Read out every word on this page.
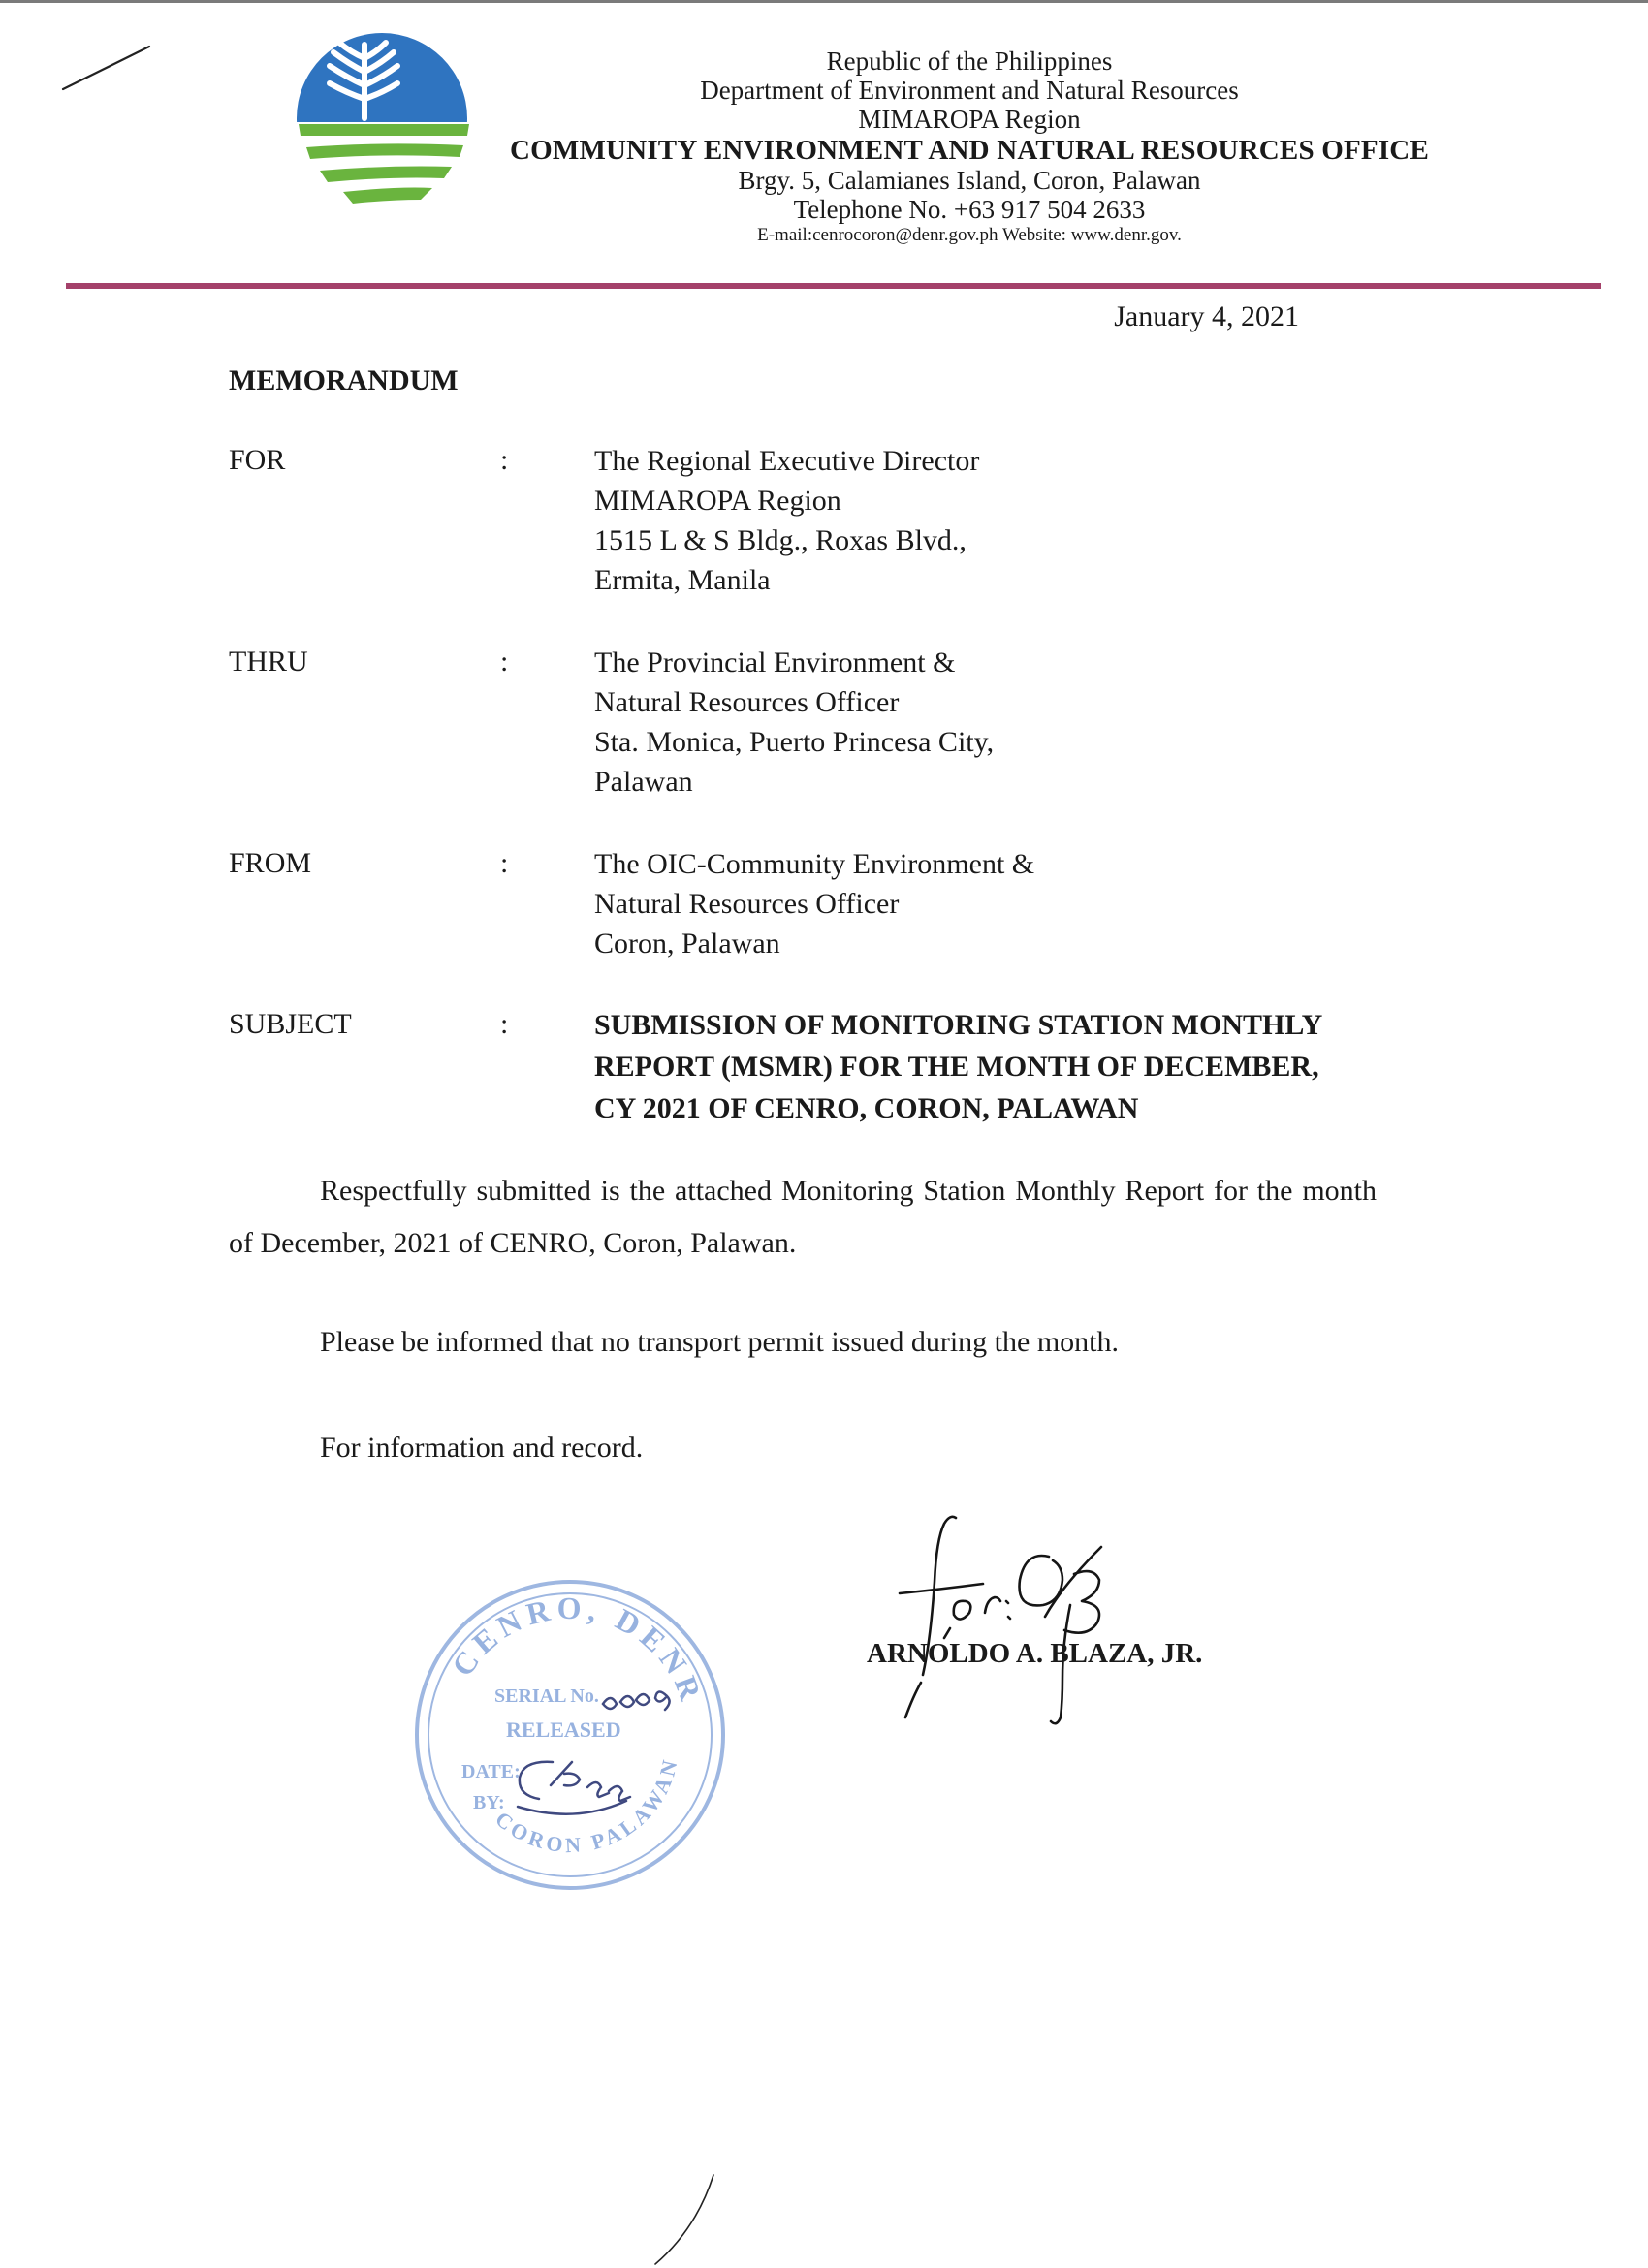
Republic of the Philippines
Department of Environment and Natural Resources
MIMAROPA Region
COMMUNITY ENVIRONMENT AND NATURAL RESOURCES OFFICE
Brgy. 5, Calamianes Island, Coron, Palawan
Telephone No. +63 917 504 2633
E-mail:cenrocoron@denr.gov.ph Website: www.denr.gov.
January 4, 2021
MEMORANDUM
FOR	:	The Regional Executive Director
MIMAROPA Region
1515 L & S Bldg., Roxas Blvd.,
Ermita, Manila
THRU	:	The Provincial Environment &
Natural Resources Officer
Sta. Monica, Puerto Princesa City,
Palawan
FROM	:	The OIC-Community Environment &
Natural Resources Officer
Coron, Palawan
SUBJECT	:	SUBMISSION OF MONITORING STATION MONTHLY
REPORT (MSMR) FOR THE MONTH OF DECEMBER,
CY 2021 OF CENRO, CORON, PALAWAN
Respectfully submitted is the attached Monitoring Station Monthly Report for the month of December, 2021 of CENRO, Coron, Palawan.
Please be informed that no transport permit issued during the month.
For information and record.
CENRO, DENR
CORON PALAWAN
SERIAL No.
RELEASED
DATE:
BY:
ARNOLDO A. BLAZA, JR.
